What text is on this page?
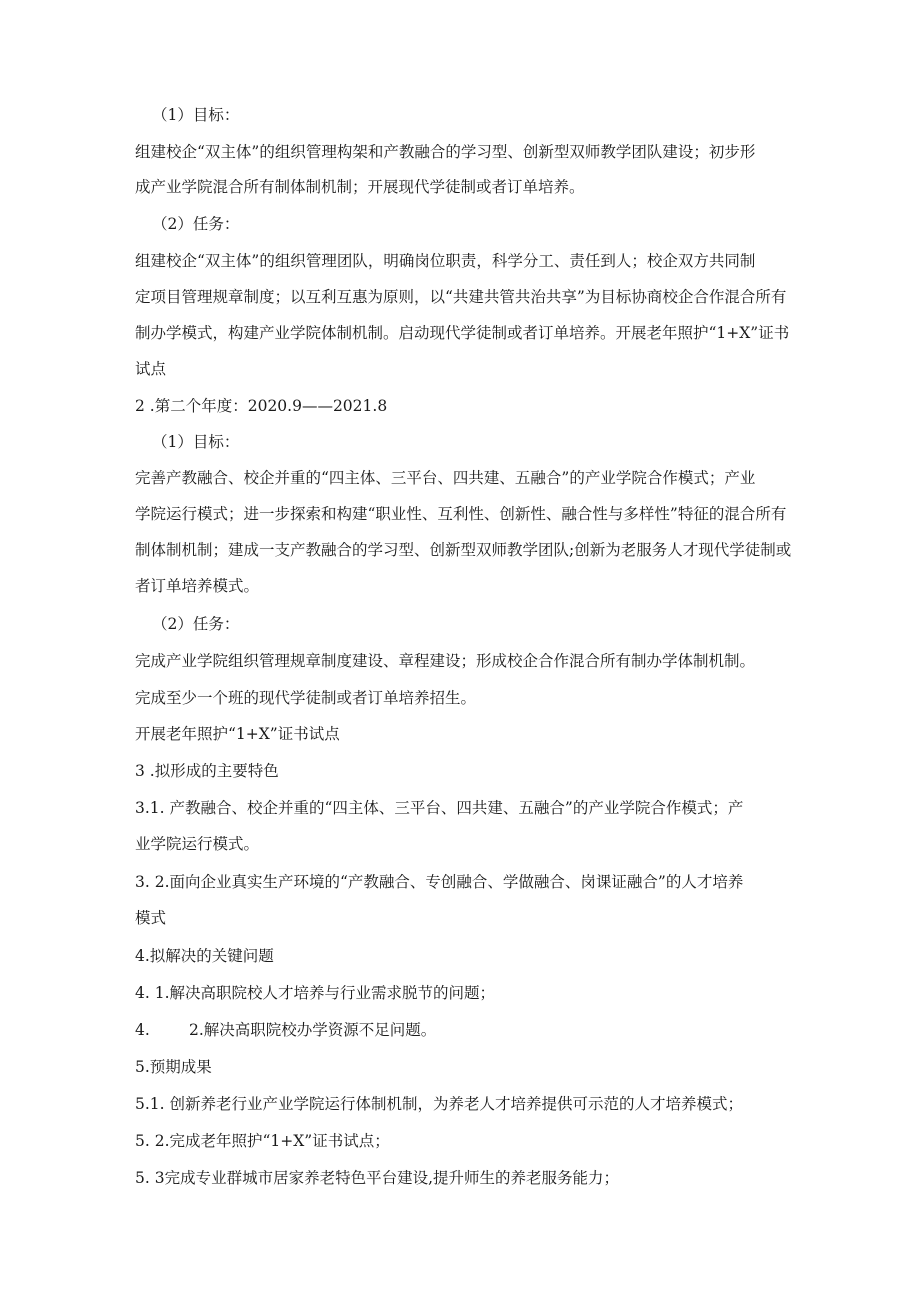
（1）目标：
组建校企“双主体”的组织管理构架和产教融合的学习型、创新型双师教学团队建设；初步形
成产业学院混合所有制体制机制；开展现代学徒制或者订单培养。
（2）任务：
组建校企“双主体”的组织管理团队，明确岗位职责，科学分工、责任到人；校企双方共同制
定项目管理规章制度；以互利互惠为原则，以“共建共管共治共享”为目标协商校企合作混合所有
制办学模式，构建产业学院体制机制。启动现代学徒制或者订单培养。开展老年照护“1+X”证书
试点
2 .第二个年度：2020.9——2021.8
（1）目标：
完善产教融合、校企并重的“四主体、三平台、四共建、五融合”的产业学院合作模式；产业
学院运行模式；进一步探索和构建“职业性、互利性、创新性、融合性与多样性”特征的混合所有
制体制机制；建成一支产教融合的学习型、创新型双师教学团队;创新为老服务人才现代学徒制或
者订单培养模式。
（2）任务：
完成产业学院组织管理规章制度建设、章程建设；形成校企合作混合所有制办学体制机制。
完成至少一个班的现代学徒制或者订单培养招生。
开展老年照护“1+X”证书试点
3 .拟形成的主要特色
3.1. 产教融合、校企并重的“四主体、三平台、四共建、五融合”的产业学院合作模式；产
业学院运行模式。
3. 2.面向企业真实生产环境的“产教融合、专创融合、学做融合、岗课证融合”的人才培养
模式
4.拟解决的关键问题
4. 1.解决高职院校人才培养与行业需求脱节的问题；
4.	2.解决高职院校办学资源不足问题。
5.预期成果
5.1. 创新养老行业产业学院运行体制机制，为养老人才培养提供可示范的人才培养模式；
5. 2.完成老年照护“1+X”证书试点；
5. 3完成专业群城市居家养老特色平台建设,提升师生的养老服务能力；
